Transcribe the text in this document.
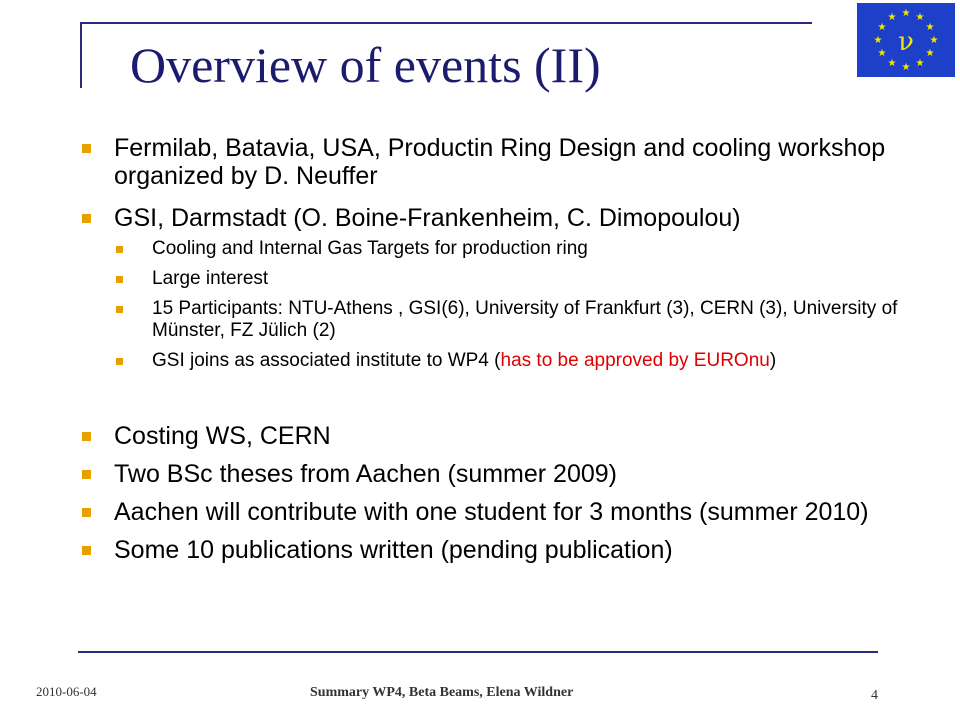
Overview of events (II)
★ ★
★
★
★
★
★
★
★
★
★
★
ν
Fermilab, Batavia, USA, Productin Ring Design and cooling workshop organized by D. Neuffer
GSI, Darmstadt (O. Boine-Frankenheim, C. Dimopoulou)
Cooling and Internal Gas Targets for production ring
Large interest
15 Participants: NTU-Athens , GSI(6), University of Frankfurt (3), CERN (3), University of Münster, FZ Jülich (2)
GSI joins as associated institute to WP4 (has to be approved by EUROnu)
Costing WS, CERN
Two BSc theses from Aachen (summer 2009)
Aachen will contribute with one student for 3 months (summer 2010)
Some 10 publications written (pending publication)
2010-06-04	Summary WP4, Beta Beams, Elena Wildner	4
